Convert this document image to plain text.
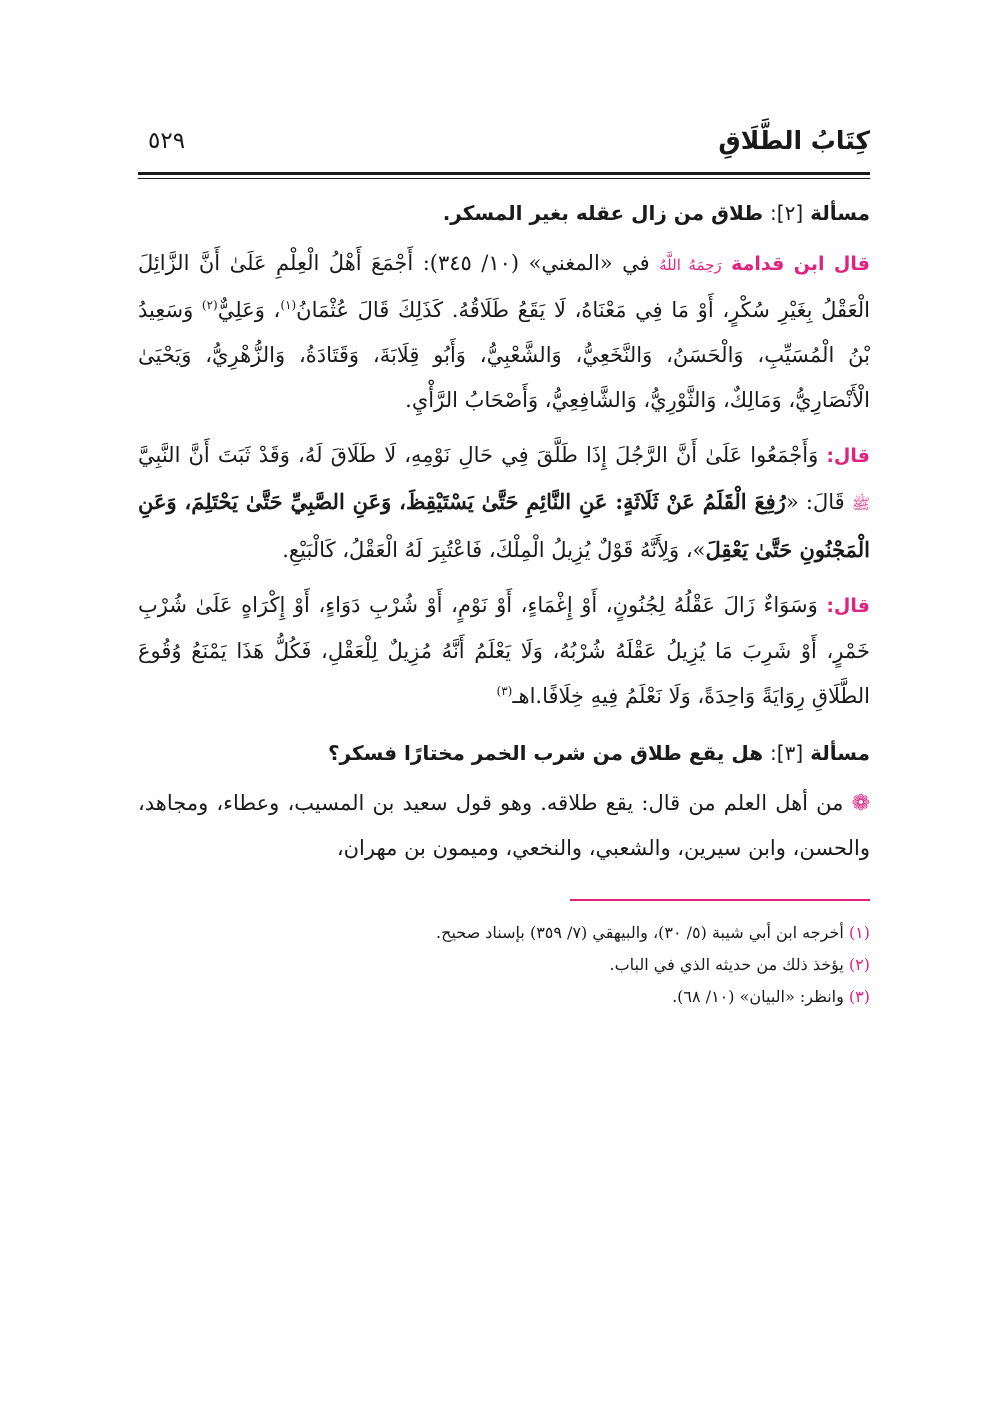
كِتَابُ الطَّلَاقِ
٥٢٩
مسألة [٢]: طلاق من زال عقله بغير المسكر.

قال ابن قدامة رَحِمَهُ اللَّهُ في «المغني» (١٠/ ٣٤٥): أَجْمَعَ أَهْلُ الْعِلْمِ عَلَىٰ أَنَّ الزَّائِلَ الْعَقْلُ بِغَيْرِ سُكْرٍ، أَوْ مَا فِي مَعْنَاهُ، لَا يَقَعُ طَلَاقُهُ. كَذَلِكَ قَالَ عُثْمَانُ$^{(١)}$، وَعَلِيٌّ$^{(٢)}$ وَسَعِيدُ بْنُ الْمُسَيِّبِ، وَالْحَسَنُ، وَالنَّخَعِيُّ، وَالشَّعْبِيُّ، وَأَبُو قِلَابَةَ، وَقَتَادَةُ، وَالزُّهْرِيُّ، وَيَحْيَىٰ الْأَنْصَارِيُّ، وَمَالِكٌ، وَالثَّوْرِيُّ، وَالشَّافِعِيُّ، وَأَصْحَابُ الرَّأْيِ.

قال: وَأَجْمَعُوا عَلَىٰ أَنَّ الرَّجُلَ إِذَا طَلَّقَ فِي حَالِ نَوْمِهِ، لَا طَلَاقَ لَهُ، وَقَدْ ثَبَتَ أَنَّ النَّبِيَّ ﷺ قَالَ: «رُفِعَ الْقَلَمُ عَنْ ثَلَاثَةٍ: عَنِ النَّائِمِ حَتَّىٰ يَسْتَيْقِظَ، وَعَنِ الصَّبِيِّ حَتَّىٰ يَحْتَلِمَ، وَعَنِ الْمَجْنُونِ حَتَّىٰ يَعْقِلَ»، وَلِأَنَّهُ قَوْلٌ يُزِيلُ الْمِلْكَ، فَاعْتُبِرَ لَهُ الْعَقْلُ، كَالْبَيْعِ.

قال: وَسَوَاءٌ زَالَ عَقْلُهُ لِجُنُونٍ، أَوْ إِغْمَاءٍ، أَوْ نَوْمٍ، أَوْ شُرْبِ دَوَاءٍ، أَوْ إِكْرَاهٍ عَلَىٰ شُرْبِ خَمْرٍ، أَوْ شَرِبَ مَا يُزِيلُ عَقْلَهُ شُرْبُهُ، وَلَا يَعْلَمُ أَنَّهُ مُزِيلٌ لِلْعَقْلِ، فَكُلُّ هَذَا يَمْنَعُ وُقُوعَ الطَّلَاقِ رِوَايَةً وَاحِدَةً، وَلَا نَعْلَمُ فِيهِ خِلَافًا.اهـ$^{(٣)}$

مسألة [٣]: هل يقع طلاق من شرب الخمر مختارًا فسكر؟

❁ من أهل العلم من قال: يقع طلاقه. وهو قول سعيد بن المسيب، وعطاء، ومجاهد، والحسن، وابن سيرين، والشعبي، والنخعي، وميمون بن مهران،

(١) أخرجه ابن أبي شيبة (٥/ ٣٠)، والبيهقي (٧/ ٣٥٩) بإسناد صحيح.

(٢) يؤخذ ذلك من حديثه الذي في الباب.

(٣) وانظر: «البيان» (١٠/ ٦٨).
